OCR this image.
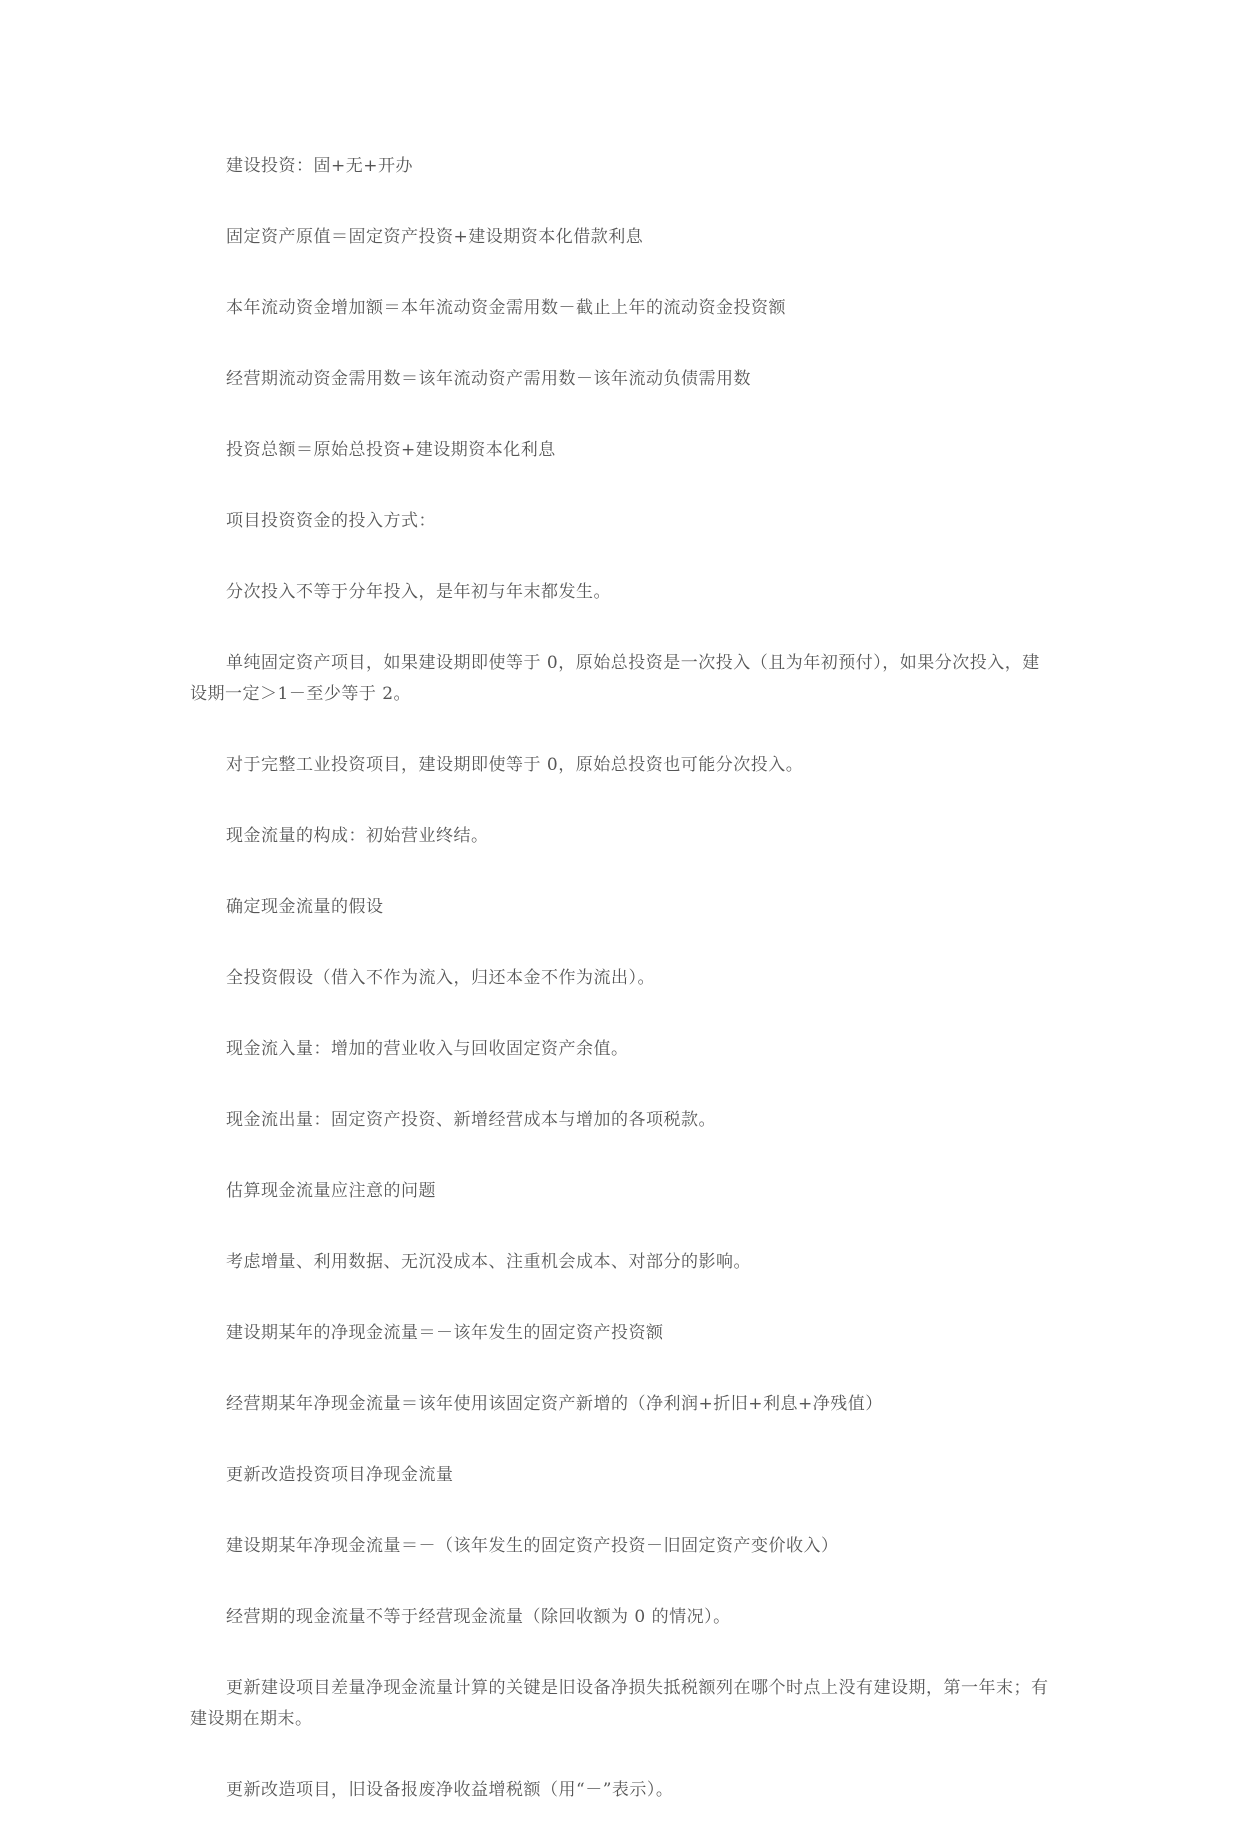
建设投资：固+无+开办

固定资产原值＝固定资产投资+建设期资本化借款利息

本年流动资金增加额＝本年流动资金需用数－截止上年的流动资金投资额

经营期流动资金需用数＝该年流动资产需用数－该年流动负债需用数

投资总额＝原始总投资+建设期资本化利息

项目投资资金的投入方式：

分次投入不等于分年投入，是年初与年末都发生。

单纯固定资产项目，如果建设期即使等于 0，原始总投资是一次投入（且为年初预付），如果分次投入，建设期一定＞1－至少等于 2。

对于完整工业投资项目，建设期即使等于 0，原始总投资也可能分次投入。

现金流量的构成：初始营业终结。

确定现金流量的假设

全投资假设（借入不作为流入，归还本金不作为流出）。

现金流入量：增加的营业收入与回收固定资产余值。

现金流出量：固定资产投资、新增经营成本与增加的各项税款。

估算现金流量应注意的问题

考虑增量、利用数据、无沉没成本、注重机会成本、对部分的影响。

建设期某年的净现金流量＝－该年发生的固定资产投资额

经营期某年净现金流量＝该年使用该固定资产新增的（净利润+折旧+利息+净残值）

更新改造投资项目净现金流量

建设期某年净现金流量＝－（该年发生的固定资产投资－旧固定资产变价收入）

经营期的现金流量不等于经营现金流量（除回收额为 0 的情况）。

更新建设项目差量净现金流量计算的关键是旧设备净损失抵税额列在哪个时点上没有建设期，第一年末；有建设期在期末。

更新改造项目，旧设备报废净收益增税额（用“－”表示）。
